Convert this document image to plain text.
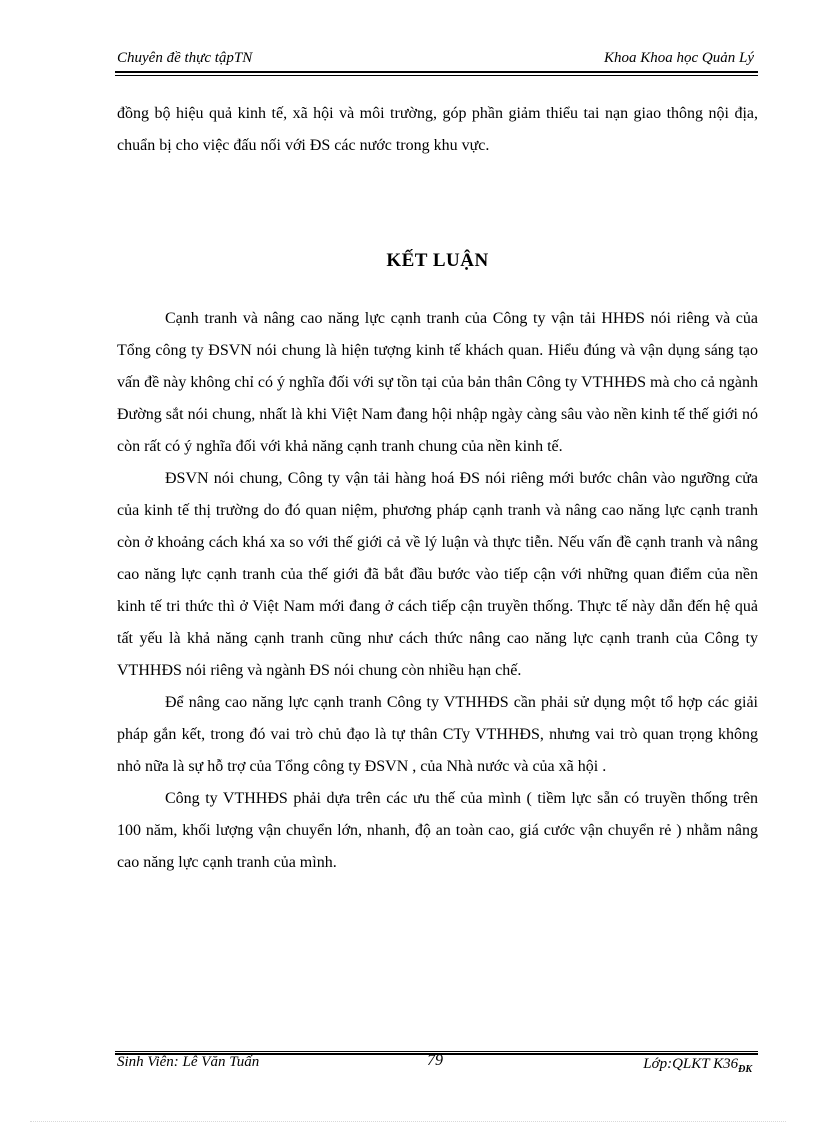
Chuyên đề thực tậpTN	Khoa Khoa học Quản Lý

đồng bộ hiệu quả kinh tế, xã hội và môi trường, góp phần giảm thiểu tai nạn giao thông nội địa, chuẩn bị cho việc đấu nối với ĐS các nước trong khu vực.

KẾT LUẬN

Cạnh tranh và nâng cao năng lực cạnh tranh của Công ty vận tải HHĐS nói riêng và của Tổng công ty ĐSVN nói chung là hiện tượng kinh tế khách quan. Hiểu đúng và vận dụng sáng tạo vấn đề này không chỉ có ý nghĩa đối với sự tồn tại của bản thân Công ty VTHHĐS mà cho cả ngành Đường sắt nói chung, nhất là khi Việt Nam đang hội nhập ngày càng sâu vào nền kinh tế thế giới nó còn rất có ý nghĩa đối với khả năng cạnh tranh chung của nền kinh tế.

ĐSVN nói chung, Công ty vận tải hàng hoá ĐS nói riêng mới bước chân vào ngưỡng cửa của kinh tế thị trường do đó quan niệm, phương pháp cạnh tranh và nâng cao năng lực cạnh tranh còn ở khoảng cách khá xa so với thế giới cả về lý luận và thực tiễn. Nếu vấn đề cạnh tranh và nâng cao năng lực cạnh tranh của thế giới đã bắt đầu bước vào tiếp cận với những quan điểm của nền kinh tế tri thức thì ở Việt Nam mới đang ở cách tiếp cận truyền thống. Thực tế này dẫn đến hệ quả tất yếu là khả năng cạnh tranh cũng như cách thức nâng cao năng lực cạnh tranh của Công ty VTHHĐS nói riêng và ngành ĐS nói chung còn nhiều hạn chế.

Để nâng cao năng lực cạnh tranh Công ty VTHHĐS cần phải sử dụng một tổ hợp các giải pháp gắn kết, trong đó vai trò chủ đạo là tự thân CTy VTHHĐS, nhưng vai trò quan trọng không nhỏ nữa là sự hỗ trợ của Tổng công ty ĐSVN , của Nhà nước và của xã hội .

Công ty VTHHĐS phải dựa trên các ưu thế của mình ( tiềm lực sẵn có truyền thống trên 100 năm, khối lượng vận chuyển lớn, nhanh, độ an toàn cao, giá cước vận chuyển rẻ ) nhằm nâng cao năng lực cạnh tranh của mình.

Sinh Viên: Lê Văn Tuấn	79	Lớp:QLKT $K36_{ĐK}$
